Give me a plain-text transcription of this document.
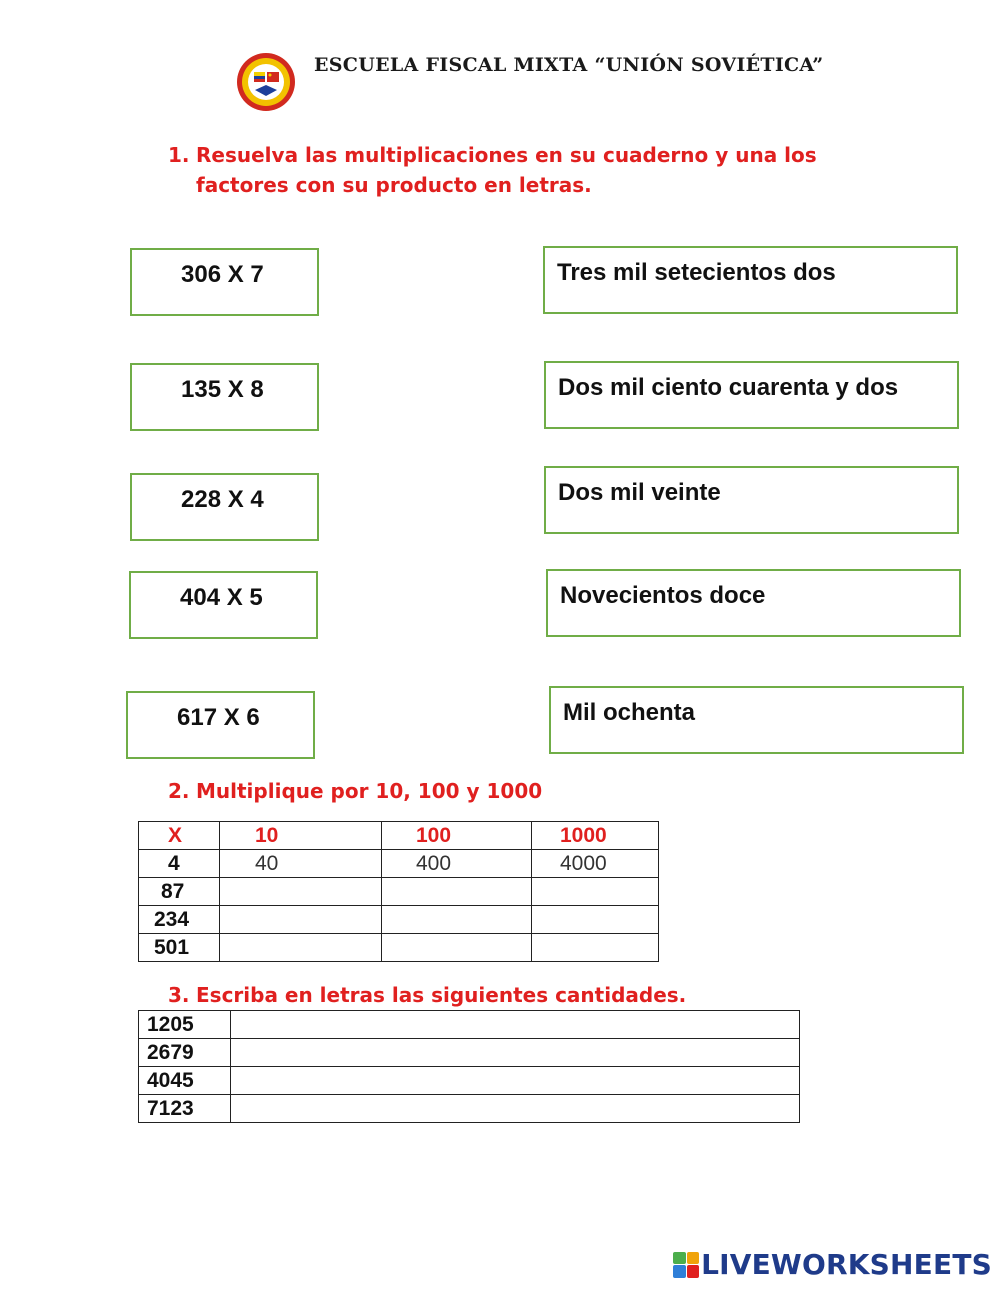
ESCUELA FISCAL MIXTA “UNIÓN SOVIÉTICA”
1. Resuelva las multiplicaciones en su cuaderno y una los
factores con su producto en letras.
306 X 7
135 X 8
228 X 4
404 X 5
617 X 6
Tres mil setecientos dos
Dos mil ciento cuarenta y dos
Dos mil veinte
Novecientos doce
Mil ochenta
2. Multiplique por 10, 100 y 1000
X	10	100	1000
4	40	400	4000
87			
234			
501			
3. Escriba en letras las siguientes cantidades.
1205	
2679	
4045	
7123	
LIVEWORKSHEETS
